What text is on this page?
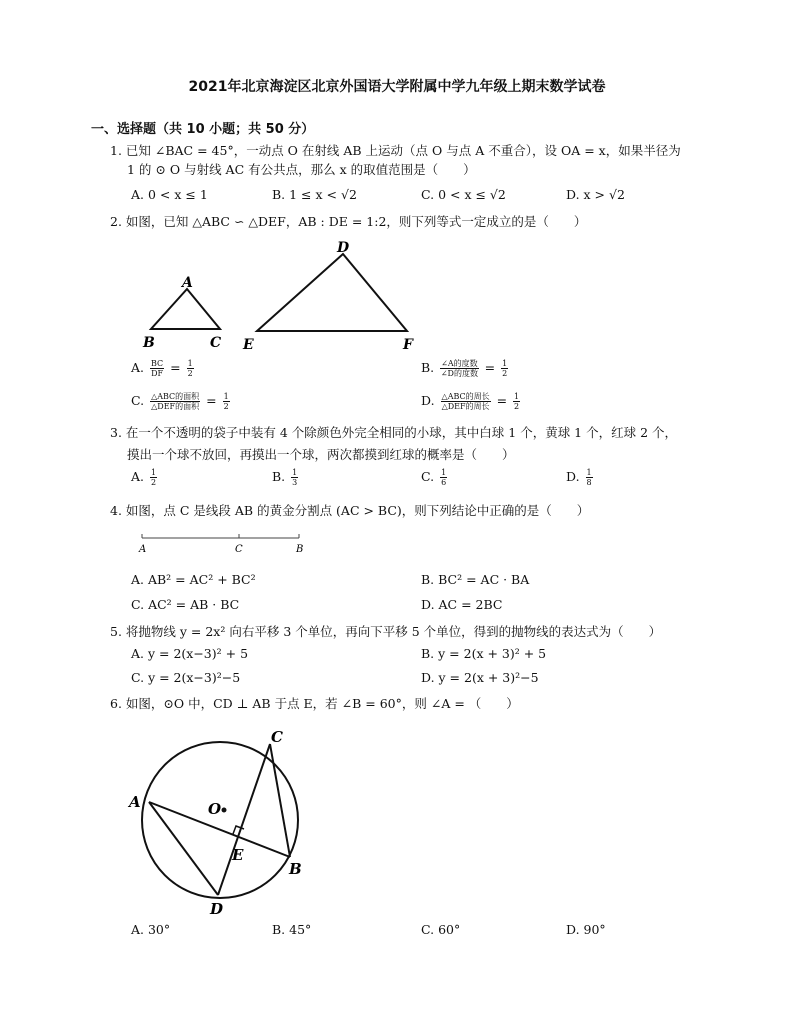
2021年北京海淀区北京外国语大学附属中学九年级上期末数学试卷
一、选择题（共 10 小题；共 50 分）
1. 已知 ∠BAC = 45°，一动点 O 在射线 AB 上运动（点 O 与点 A 不重合），设 OA = x，如果半径为
1 的 ⊙ O 与射线 AC 有公共点，那么 x 的取值范围是（　　）
A. 0 < x ≤ 1	B. 1 ≤ x < √2	C. 0 < x ≤ √2	D. x > √2
2. 如图，已知 △ABC ∽ △DEF，AB : DE = 1:2，则下列等式一定成立的是（　　）
A
B	C
D
E	F
A. $\frac{BC}{DF} = \frac{1}{2}$	B. $\frac{\text{∠A的度数}}{\text{∠D的度数}} = \frac{1}{2}$
C. $\frac{\text{△ABC的面积}}{\text{△DEF的面积}} = \frac{1}{2}$	D. $\frac{\text{△ABC的周长}}{\text{△DEF的周长}} = \frac{1}{2}$
3. 在一个不透明的袋子中装有 4 个除颜色外完全相同的小球，其中白球 1 个，黄球 1 个，红球 2 个，
摸出一个球不放回，再摸出一个球，两次都摸到红球的概率是（　　）
A. $\frac{1}{2}$	B. $\frac{1}{3}$	C. $\frac{1}{6}$	D. $\frac{1}{8}$
4. 如图，点 C 是线段 AB 的黄金分割点 (AC > BC)，则下列结论中正确的是（　　）
A	C	B
A. AB² = AC² + BC²	B. BC² = AC · BA
C. AC² = AB · BC	D. AC = 2BC
5. 将抛物线 y = 2x² 向右平移 3 个单位，再向下平移 5 个单位，得到的抛物线的表达式为（　　）
A. y = 2(x−3)² + 5	B. y = 2(x + 3)² + 5
C. y = 2(x−3)²−5	D. y = 2(x + 3)²−5
6. 如图，⊙O 中，CD ⊥ AB 于点 E，若 ∠B = 60°，则 ∠A = （　　）
A
B
C
D
E
O
A. 30°	B. 45°	C. 60°	D. 90°
